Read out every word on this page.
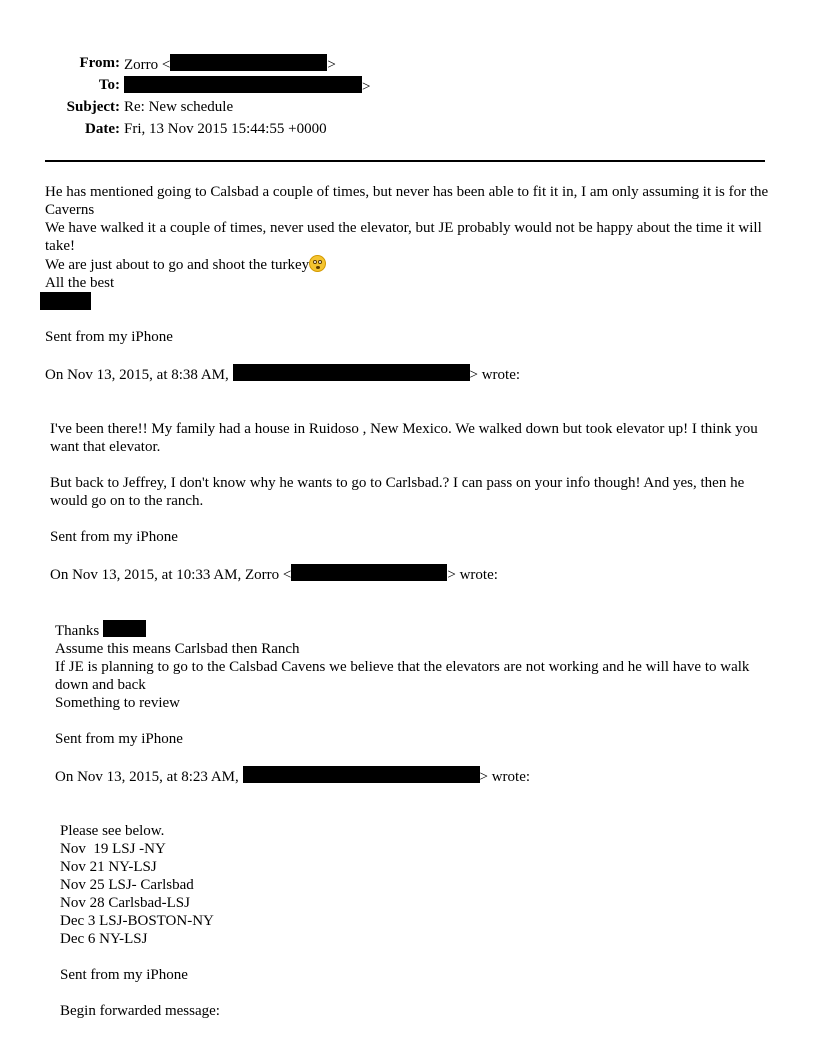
From: Zorro <	>
To:	>
Subject: Re: New schedule
Date: Fri, 13 Nov 2015 15:44:55 +0000

He has mentioned going to Calsbad a couple of times, but never has been able to fit it in, I am only assuming it is for the Caverns

We have walked it a couple of times, never used the elevator, but JE probably would not be happy about the time it will take!

We are just about to go and shoot the turkey

All the best

Sent from my iPhone

On Nov 13, 2015, at 8:38 AM,	> wrote:

I've been there!! My family had a house in Ruidoso , New Mexico. We walked down but took elevator up! I think you want that elevator.

But back to Jeffrey, I don't know why he wants to go to Carlsbad.? I can pass on your info though! And yes, then he would go on to the ranch.

Sent from my iPhone

On Nov 13, 2015, at 10:33 AM, Zorro <	> wrote:

Thanks

Assume this means Carlsbad then Ranch

If JE is planning to go to the Calsbad Cavens we believe that the elevators are not working and he will have to walk down and back

Something to review

Sent from my iPhone

On Nov 13, 2015, at 8:23 AM,	> wrote:

Please see below.

Nov  19 LSJ -NY

Nov 21 NY-LSJ

Nov 25 LSJ- Carlsbad

Nov 28 Carlsbad-LSJ

Dec 3 LSJ-BOSTON-NY

Dec 6 NY-LSJ

Sent from my iPhone

Begin forwarded message:
